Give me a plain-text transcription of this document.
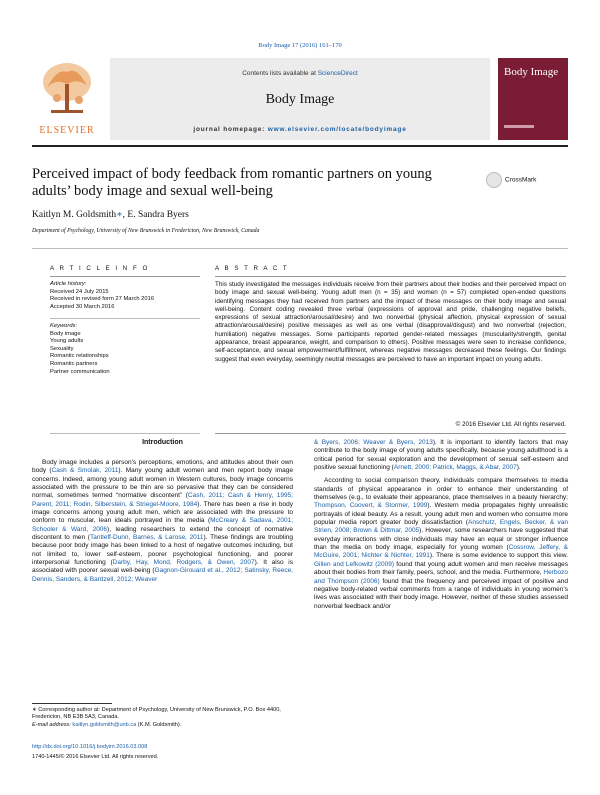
Body Image 17 (2016) 161–170
ELSEVIER
Contents lists available at ScienceDirect
Body Image
journal homepage: www.elsevier.com/locate/bodyimage
Body Image
Perceived impact of body feedback from romantic partners on young adults’ body image and sexual well-being
CrossMark
Kaitlyn M. Goldsmith∗, E. Sandra Byers
Department of Psychology, University of New Brunswick in Fredericton, New Brunswick, Canada
A R T I C L E I N F O	A B S T R A C T
Article history:
Received 24 July 2015
Received in revised form 27 March 2016
Accepted 30 March 2016
Keywords:
Body image
Young adults
Sexuality
Romantic relationships
Romantic partners
Partner communication
This study investigated the messages individuals receive from their partners about their bodies and their perceived impact on body image and sexual well-being. Young adult men (n = 35) and women (n = 57) completed open-ended questions identifying messages they had received from partners and the impact of these messages on their body image and sexual well-being. Content coding revealed three verbal (expressions of approval and pride, challenging negative beliefs, expressions of sexual attraction/arousal/desire) and two nonverbal (physical affection, physical expression of sexual attraction/arousal/desire) positive messages as well as one verbal (disapproval/disgust) and two nonverbal (rejection, humiliation) negative messages. Some participants reported gender-related messages (muscularity/strength, genital appearance, breast appearance, weight, and comparison to others). Positive messages were seen to increase confidence, self-acceptance, and sexual empowerment/fulfillment, whereas negative messages decreased these feelings. Our findings suggest that even everyday, seemingly neutral messages are perceived to have an important impact on young adults.
© 2016 Elsevier Ltd. All rights reserved.
Introduction
Body image includes a person’s perceptions, emotions, and attitudes about their own body (Cash & Smolak, 2011). Many young adult women and men report body image concerns. Indeed, among young adult women in Western cultures, body image concerns associated with the pressure to be thin are so pervasive that they can be considered normal, sometimes termed “normative discontent” (Cash, 2011; Cash & Henry, 1995; Parent, 2011; Rodin, Silberstein, & Striegel-Moore, 1984). There has been a rise in body image concerns among young adult men, which are associated with the pressure to conform to muscular, lean ideals portrayed in the media (McCreary & Sadava, 2001; Schooler & Ward, 2006), leading researchers to extend the concept of normative discontent to men (Tantleff-Dunn, Barnes, & Larose, 2011). These findings are troubling because poor body image has been linked to a host of negative outcomes including, but not limited to, lower self-esteem, poorer psychological functioning, and poorer interpersonal functioning (Darby, Hay, Mond, Rodgers, & Owen, 2007). It also is associated with poorer sexual well-being (Gagnon-Girouard et al., 2012; Satinsky, Reece, Dennis, Sanders, & Bardzell, 2012; Weaver
& Byers, 2006; Weaver & Byers, 2013). It is important to identify factors that may contribute to the body image of young adults specifically, because young adulthood is a critical period for sexual exploration and the development of sexual self-esteem and positive sexual functioning (Arnett, 2000; Patrick, Maggs, & Abar, 2007).
According to social comparison theory, individuals compare themselves to media standards of physical appearance in order to enhance their understanding of themselves (e.g., to evaluate their appearance, place themselves in a beauty hierarchy; Thompson, Coovert, & Stormer, 1999). Western media propagates highly unrealistic portrayals of ideal beauty. As a result, young adult men and women who consume more popular media report greater body dissatisfaction (Anschutz, Engels, Becker, & van Strien, 2008; Brown & Dittmar, 2005). However, some researchers have suggested that everyday interactions with close individuals may have an equal or stronger influence than the media on body image, especially for young women (Cossrow, Jeffery, & McGuire, 2001; Nichter & Nichter, 1991). There is some evidence to support this view. Gillen and Lefkowitz (2009) found that young adult women and men receive messages about their bodies from their family, peers, school, and the media. Furthermore, Herbozo and Thompson (2006) found that the frequency and perceived impact of positive and negative body-related verbal comments from a range of individuals in young women’s lives was associated with their body image. However, neither of these studies assessed nonverbal feedback and/or
∗ Corresponding author at: Department of Psychology, University of New Brunswick, P.O. Box 4400, Fredericton, NB E3B 5A3, Canada.
E-mail address: kaitlyn.goldsmith@unb.ca (K.M. Goldsmith).
http://dx.doi.org/10.1016/j.bodyim.2016.03.008
1740-1445/© 2016 Elsevier Ltd. All rights reserved.
